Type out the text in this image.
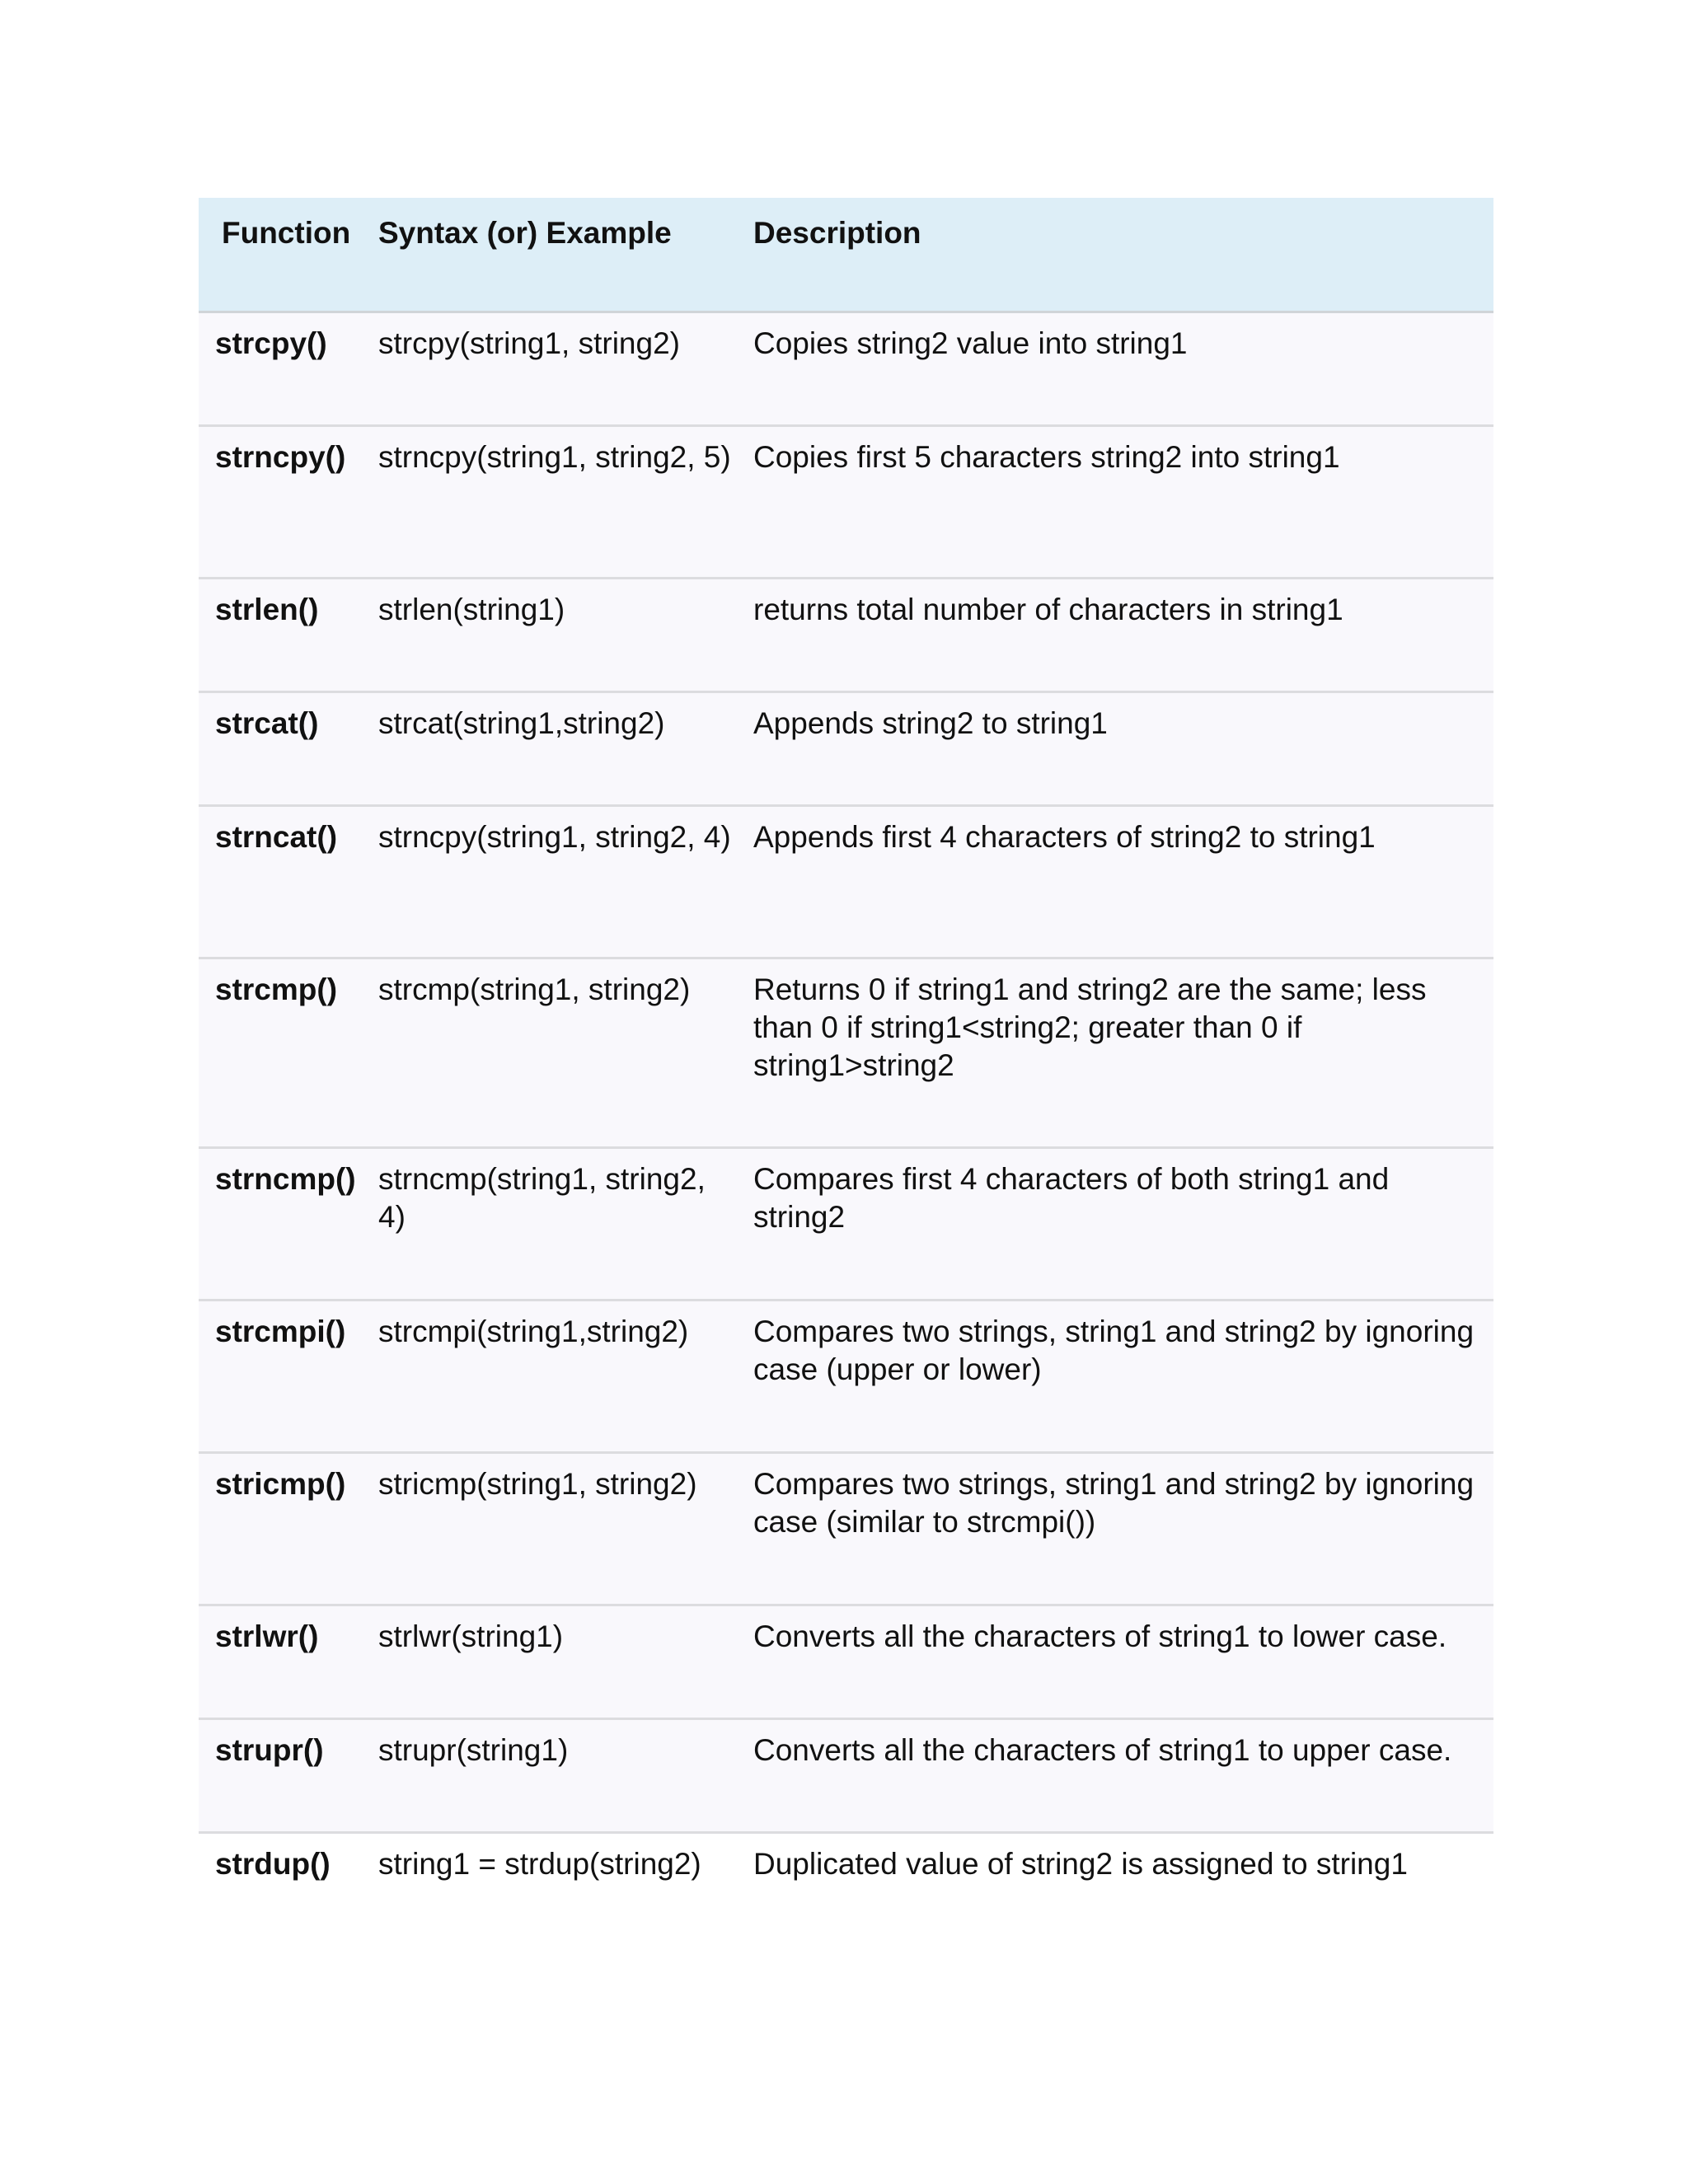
Function	Syntax (or) Example	Description
strcpy()	strcpy(string1, string2)	Copies string2 value into string1
strncpy()	strncpy(string1, string2, 5)	Copies first 5 characters string2 into string1
strlen()	strlen(string1)	returns total number of characters in string1
strcat()	strcat(string1,string2)	Appends string2 to string1
strncat()	strncpy(string1, string2, 4)	Appends first 4 characters of string2 to string1
strcmp()	strcmp(string1, string2)	Returns 0 if string1 and string2 are the same; less than 0 if string1<string2; greater than 0 if string1>string2
strncmp()	strncmp(string1, string2, 4)	Compares first 4 characters of both string1 and string2
strcmpi()	strcmpi(string1,string2)	Compares two strings, string1 and string2 by ignoring case (upper or lower)
stricmp()	stricmp(string1, string2)	Compares two strings, string1 and string2 by ignoring case (similar to strcmpi())
strlwr()	strlwr(string1)	Converts all the characters of string1 to lower case.
strupr()	strupr(string1)	Converts all the characters of string1 to upper case.
strdup()	string1 = strdup(string2)	Duplicated value of string2 is assigned to string1
